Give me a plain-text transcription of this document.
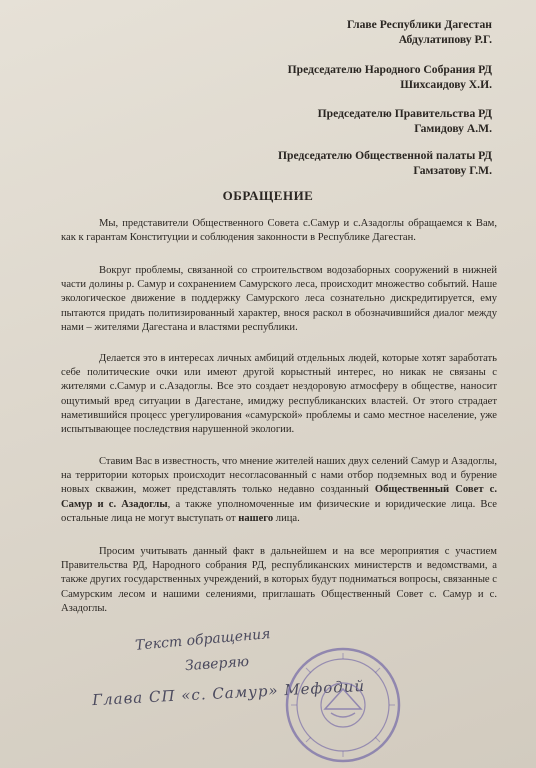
Главе Республики Дагестан
Абдулатипову Р.Г.
Председателю Народного Собрания РД
Шихсаидову Х.И.
Председателю Правительства РД
Гамидову А.М.
Председателю Общественной палаты РД
Гамзатову Г.М.
ОБРАЩЕНИЕ

Мы, представители Общественного Совета с.Самур и с.Азадоглы обращаемся к Вам, как к гарантам Конституции и соблюдения законности в Республике Дагестан.

Вокруг проблемы, связанной со строительством водозаборных сооружений в нижней части долины р. Самур и сохранением Самурского леса, происходит множество событий. Наше экологическое движение в поддержку Самурского леса сознательно дискредитируется, ему пытаются придать политизированный характер, внося раскол в обозначившийся диалог между нами – жителями Дагестана и властями республики.

Делается это в интересах личных амбиций отдельных людей, которые хотят заработать себе политические очки или имеют другой корыстный интерес, но никак не связаны с жителями с.Самур и с.Азадоглы. Все это создает нездоровую атмосферу в обществе, наносит ощутимый вред ситуации в Дагестане, имиджу республиканских властей. От этого страдает наметившийся процесс урегулирования «самурской» проблемы и само местное население, уже испытывающее последствия нарушенной экологии.

Ставим Вас в известность, что мнение жителей наших двух селений Самур и Азадоглы, на территории которых происходит несогласованный с нами отбор подземных вод и бурение новых скважин, может представлять только недавно созданный Общественный Совет с. Самур и с. Азадоглы, а также уполномоченные им физические и юридические лица. Все остальные лица не могут выступать от нашего лица.

Просим учитывать данный факт в дальнейшем и на все мероприятия с участием Правительства РД, Народного собрания РД, республиканских министерств и ведомствами, а также других государственных учреждений, в которых будут подниматься вопросы, связанные с Самурским лесом и нашими селениями, приглашать Общественный Совет с. Самур и с. Азадоглы.

Текст обращения
Заверяю
Глава СП «с. Самур» Мефодий
